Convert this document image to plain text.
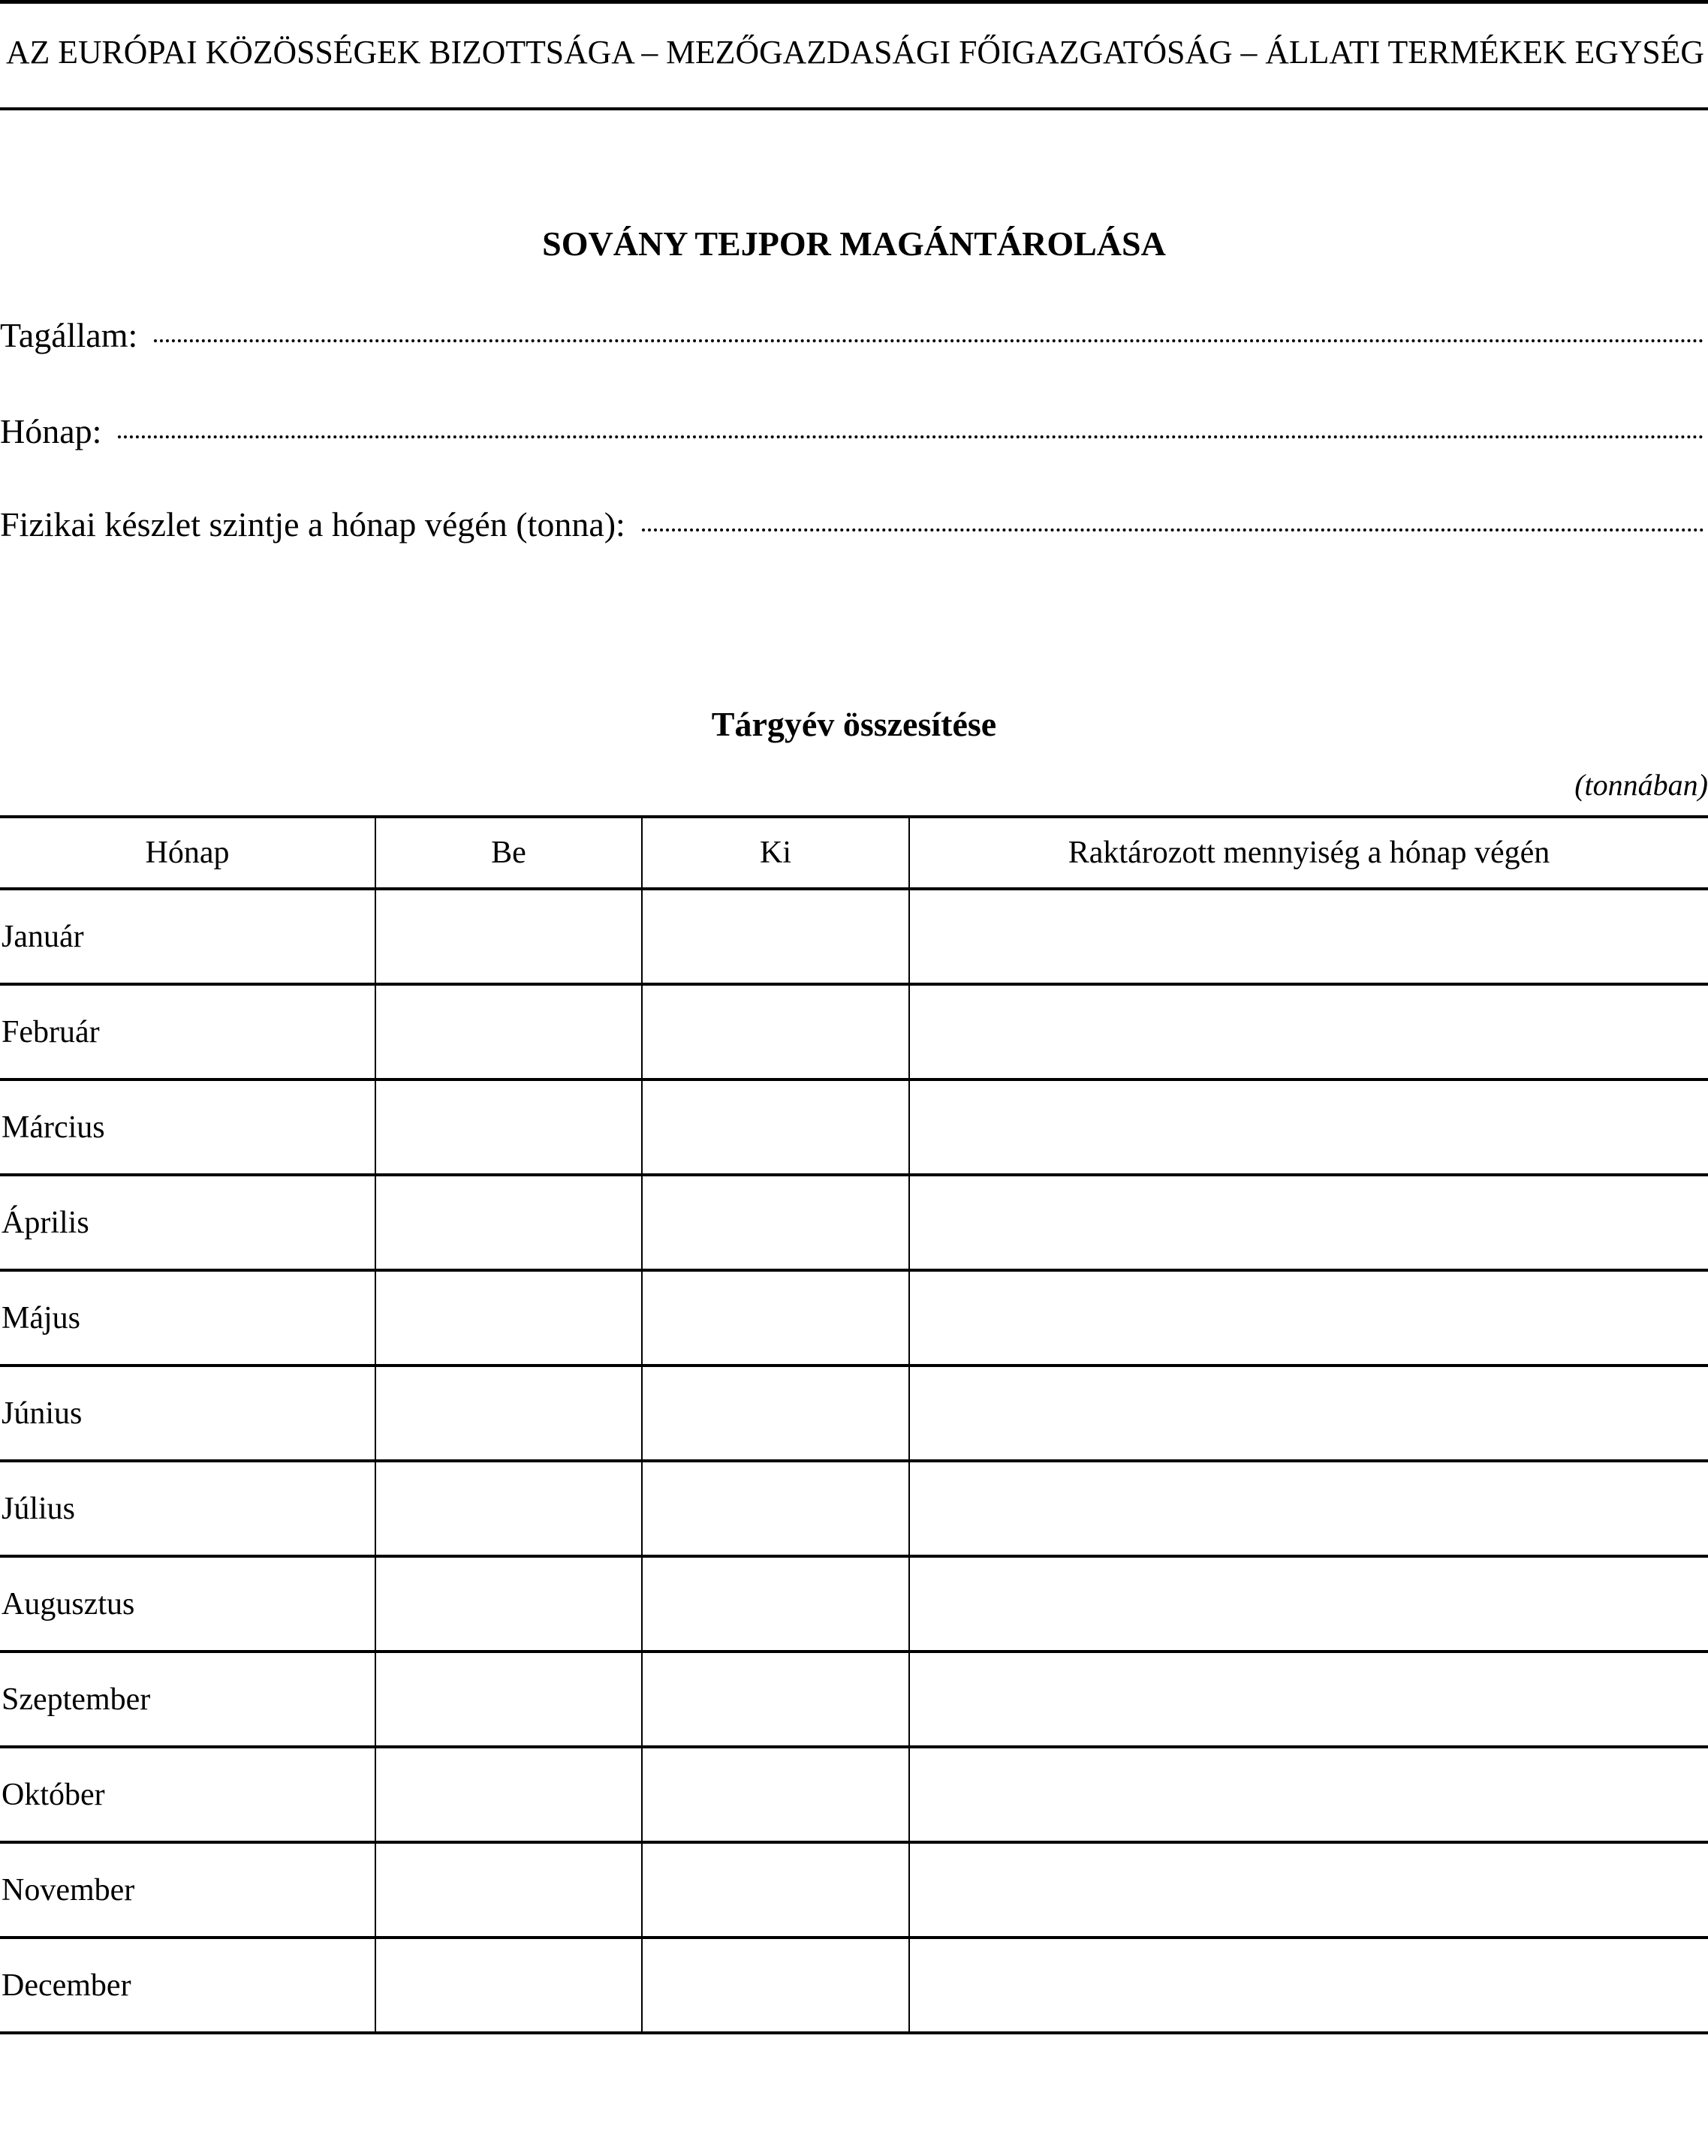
AZ EURÓPAI KÖZÖSSÉGEK BIZOTTSÁGA – MEZŐGAZDASÁGI FŐIGAZGATÓSÁG – ÁLLATI TERMÉKEK EGYSÉG
SOVÁNY TEJPOR MAGÁNTÁROLÁSA
Tagállam:
Hónap:
Fizikai készlet szintje a hónap végén (tonna):
Tárgyév összesítése
(tonnában)
Hónap	Be	Ki	Raktározott mennyiség a hónap végén
Január			
Február			
Március			
Április			
Május			
Június			
Július			
Augusztus			
Szeptember			
Október			
November			
December			
